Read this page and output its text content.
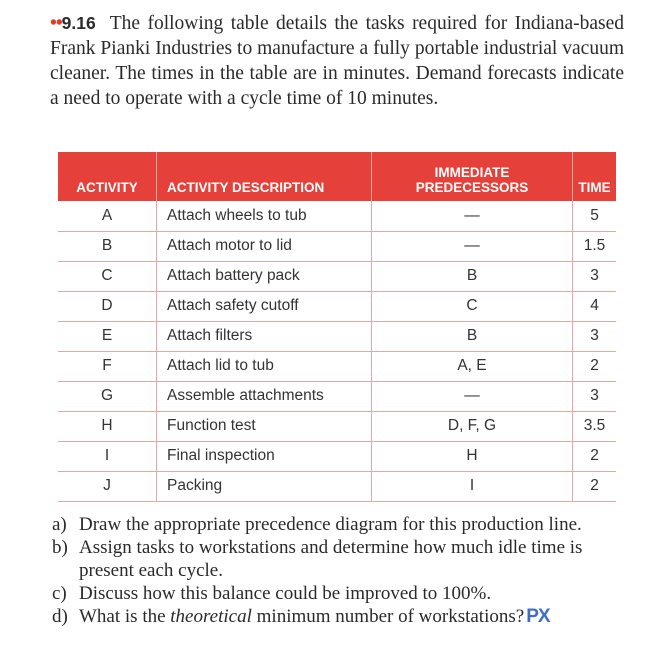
••9.16 The following table details the tasks required for Indiana-based Frank Pianki Industries to manufacture a fully portable industrial vacuum cleaner. The times in the table are in minutes. Demand forecasts indicate a need to operate with a cycle time of 10 minutes.

ACTIVITY	ACTIVITY DESCRIPTION	IMMEDIATE
PREDECESSORS	TIME
A	Attach wheels to tub	—	5
B	Attach motor to lid	—	1.5
C	Attach battery pack	B	3
D	Attach safety cutoff	C	4
E	Attach filters	B	3
F	Attach lid to tub	A, E	2
G	Assemble attachments	—	3
H	Function test	D, F, G	3.5
I	Final inspection	H	2
J	Packing	I	2
a) Draw the appropriate precedence diagram for this production line.
b) Assign tasks to workstations and determine how much idle time is present each cycle.
c) Discuss how this balance could be improved to 100%.
d) What is the theoretical minimum number of workstations? PX
